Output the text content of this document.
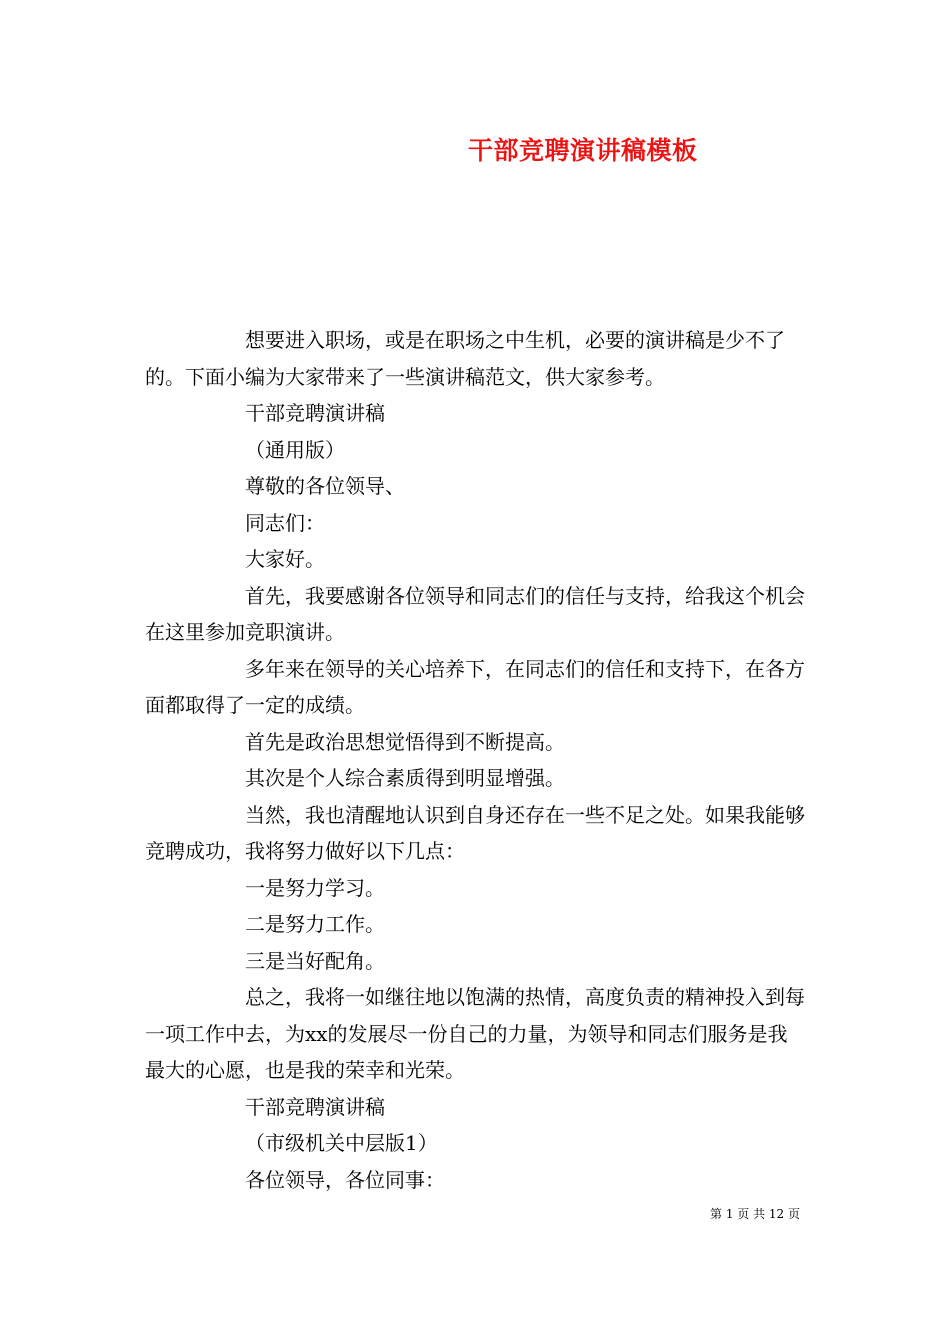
干部竞聘演讲稿模板

想要进入职场，或是在职场之中生机，必要的演讲稿是少不了的。下面小编为大家带来了一些演讲稿范文，供大家参考。

干部竞聘演讲稿

（通用版）

尊敬的各位领导、

同志们：

大家好。

首先，我要感谢各位领导和同志们的信任与支持，给我这个机会在这里参加竞职演讲。

多年来在领导的关心培养下，在同志们的信任和支持下，在各方面都取得了一定的成绩。

首先是政治思想觉悟得到不断提高。

其次是个人综合素质得到明显增强。

当然，我也清醒地认识到自身还存在一些不足之处。如果我能够竞聘成功，我将努力做好以下几点：

一是努力学习。

二是努力工作。

三是当好配角。

总之，我将一如继往地以饱满的热情，高度负责的精神投入到每一项工作中去，为xx的发展尽一份自己的力量，为领导和同志们服务是我最大的心愿，也是我的荣幸和光荣。

干部竞聘演讲稿

（市级机关中层版1）

各位领导，各位同事：

第 1 页 共 12 页
